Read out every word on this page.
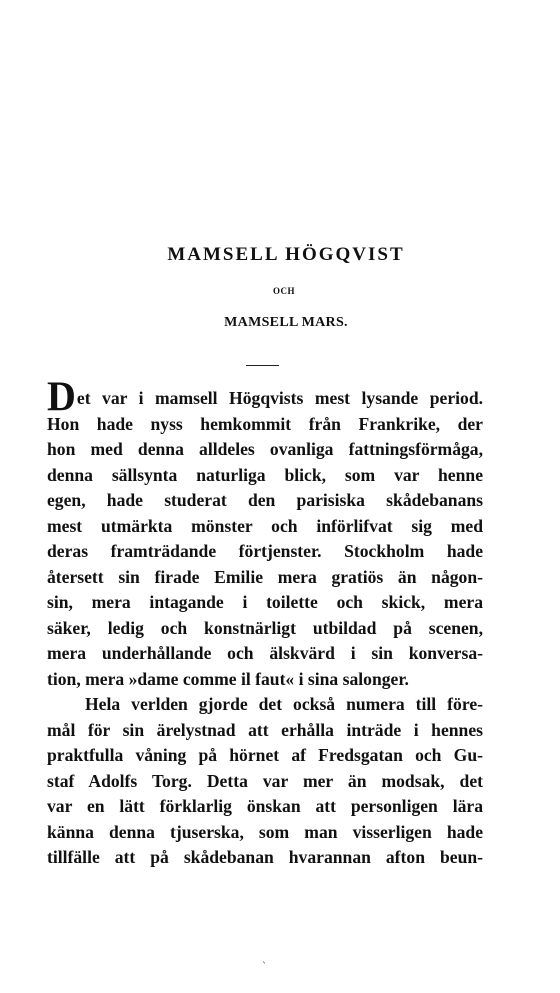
MAMSELL HÖGQVIST
OCH
MAMSELL MARS.
Det var i mamsell Högqvists mest lysande period.
Hon hade nyss hemkommit från Frankrike, der
hon med denna alldeles ovanliga fattningsförmåga,
denna sällsynta naturliga blick, som var henne
egen, hade studerat den parisiska skådebanans
mest utmärkta mönster och införlifvat sig med
deras framträdande förtjenster. Stockholm hade
återsett sin firade Emilie mera gratiös än någon-
sin, mera intagande i toilette och skick, mera
säker, ledig och konstnärligt utbildad på scenen,
mera underhållande och älskvärd i sin konversa-
tion, mera »dame comme il faut« i sina salonger.
Hela verlden gjorde det också numera till före-
mål för sin ärelystnad att erhålla inträde i hennes
praktfulla våning på hörnet af Fredsgatan och Gu-
staf Adolfs Torg. Detta var mer än modsak, det
var en lätt förklarlig önskan att personligen lära
känna denna tjuserska, som man visserligen hade
tillfälle att på skådebanan hvarannan afton beun-
`
